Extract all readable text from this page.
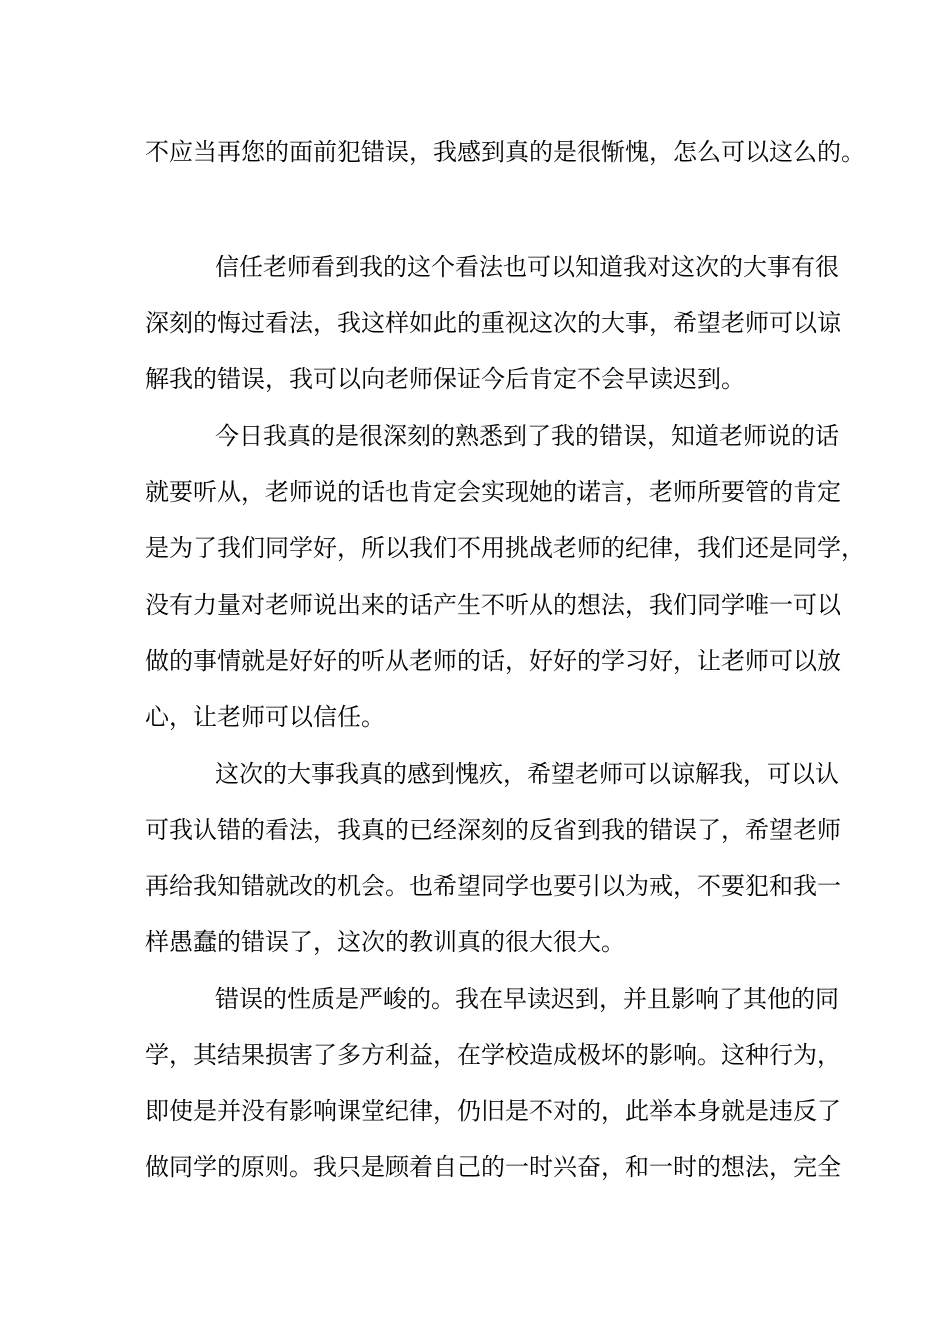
不应当再您的面前犯错误，我感到真的是很惭愧，怎么可以这么的。
信任老师看到我的这个看法也可以知道我对这次的大事有很
深刻的悔过看法，我这样如此的重视这次的大事，希望老师可以谅
解我的错误，我可以向老师保证今后肯定不会早读迟到。
今日我真的是很深刻的熟悉到了我的错误，知道老师说的话
就要听从，老师说的话也肯定会实现她的诺言，老师所要管的肯定
是为了我们同学好，所以我们不用挑战老师的纪律，我们还是同学，
没有力量对老师说出来的话产生不听从的想法，我们同学唯一可以
做的事情就是好好的听从老师的话，好好的学习好，让老师可以放
心，让老师可以信任。
这次的大事我真的感到愧疚，希望老师可以谅解我，可以认
可我认错的看法，我真的已经深刻的反省到我的错误了，希望老师
再给我知错就改的机会。也希望同学也要引以为戒，不要犯和我一
样愚蠢的错误了，这次的教训真的很大很大。
错误的性质是严峻的。我在早读迟到，并且影响了其他的同
学，其结果损害了多方利益，在学校造成极坏的影响。这种行为，
即使是并没有影响课堂纪律，仍旧是不对的，此举本身就是违反了
做同学的原则。我只是顾着自己的一时兴奋，和一时的想法，完全
